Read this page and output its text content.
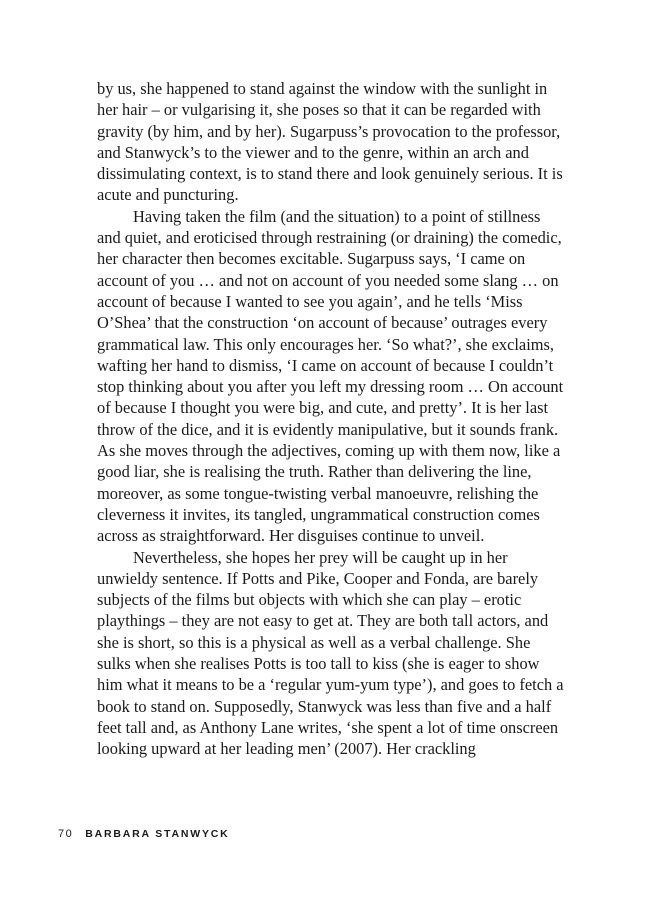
by us, she happened to stand against the window with the sunlight in her hair – or vulgarising it, she poses so that it can be regarded with gravity (by him, and by her). Sugarpuss’s provocation to the professor, and Stanwyck’s to the viewer and to the genre, within an arch and dissimulating context, is to stand there and look genuinely serious. It is acute and puncturing.

Having taken the film (and the situation) to a point of stillness and quiet, and eroticised through restraining (or draining) the comedic, her character then becomes excitable. Sugarpuss says, ‘I came on account of you … and not on account of you needed some slang … on account of because I wanted to see you again’, and he tells ‘Miss O’Shea’ that the construction ‘on account of because’ outrages every grammatical law. This only encourages her. ‘So what?’, she exclaims, wafting her hand to dismiss, ‘I came on account of because I couldn’t stop thinking about you after you left my dressing room … On account of because I thought you were big, and cute, and pretty’. It is her last throw of the dice, and it is evidently manipulative, but it sounds frank. As she moves through the adjectives, coming up with them now, like a good liar, she is realising the truth. Rather than delivering the line, moreover, as some tongue-twisting verbal manoeuvre, relishing the cleverness it invites, its tangled, ungrammatical construction comes across as straightforward. Her disguises continue to unveil.

Nevertheless, she hopes her prey will be caught up in her unwieldy sentence. If Potts and Pike, Cooper and Fonda, are barely subjects of the films but objects with which she can play – erotic playthings – they are not easy to get at. They are both tall actors, and she is short, so this is a physical as well as a verbal challenge. She sulks when she realises Potts is too tall to kiss (she is eager to show him what it means to be a ‘regular yum-yum type’), and goes to fetch a book to stand on. Supposedly, Stanwyck was less than five and a half feet tall and, as Anthony Lane writes, ‘she spent a lot of time onscreen looking upward at her leading men’ (2007). Her crackling

70 BARBARA STANWYCK
